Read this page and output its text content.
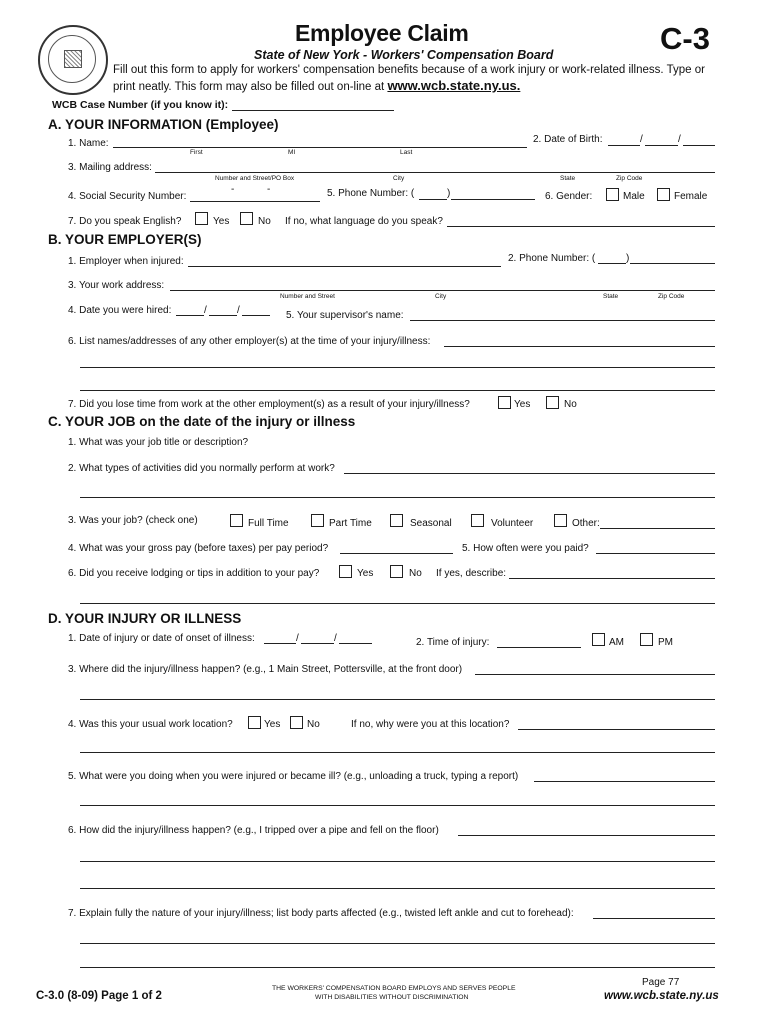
Employee Claim	C-3
State of New York - Workers' Compensation Board
Fill out this form to apply for workers' compensation benefits because of a work injury or work-related illness. Type or
print neatly. This form may also be filled out on-line at www.wcb.state.ny.us.
WCB Case Number (if you know it):
A. YOUR INFORMATION (Employee)
1. Name:
First	MI	Last
2. Date of Birth:	/	/
3. Mailing address:
Number and Street/PO Box	City	State	Zip Code
4. Social Security Number:
-	-	5. Phone Number: (	)	6. Gender:	Male	Female
7. Do you speak English?	Yes	No If no, what language do you speak?
B. YOUR EMPLOYER(S)
1. Employer when injured:	2. Phone Number: (	)
3. Your work address:
Number and Street	City	State	Zip Code
4. Date you were hired:	/	/	5. Your supervisor's name:
6. List names/addresses of any other employer(s) at the time of your injury/illness:
7. Did you lose time from work at the other employment(s) as a result of your injury/illness?	Yes	No
C. YOUR JOB on the date of the injury or illness
1. What was your job title or description?
2. What types of activities did you normally perform at work?
3. Was your job? (check one)	Full Time	Part Time	Seasonal	Volunteer	Other:
4. What was your gross pay (before taxes) per pay period?	5. How often were you paid?
6. Did you receive lodging or tips in addition to your pay?	Yes	No If yes, describe:
D. YOUR INJURY OR ILLNESS
1. Date of injury or date of onset of illness:	/	/	2. Time of injury:	AM	PM
3. Where did the injury/illness happen? (e.g., 1 Main Street, Pottersville, at the front door)
4. Was this your usual work location?	Yes	No	If no, why were you at this location?
5. What were you doing when you were injured or became ill? (e.g., unloading a truck, typing a report)
6. How did the injury/illness happen? (e.g., I tripped over a pipe and fell on the floor)
7. Explain fully the nature of your injury/illness; list body parts affected (e.g., twisted left ankle and cut to forehead):
C-3.0 (8-09) Page 1 of 2
THE WORKERS' COMPENSATION BOARD EMPLOYS AND SERVES PEOPLE
WITH DISABILITIES WITHOUT DISCRIMINATION
Page 77
www.wcb.state.ny.us
